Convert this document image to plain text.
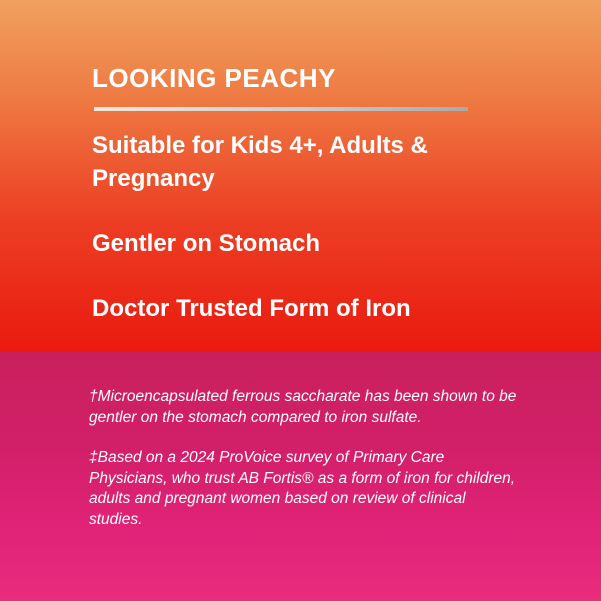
LOOKING PEACHY

Suitable for Kids 4+, Adults & Pregnancy

Gentler on Stomach

Doctor Trusted Form of Iron

†Microencapsulated ferrous saccharate has been shown to be gentler on the stomach compared to iron sulfate.

‡Based on a 2024 ProVoice survey of Primary Care Physicians, who trust AB Fortis® as a form of iron for children, adults and pregnant women based on review of clinical studies.
